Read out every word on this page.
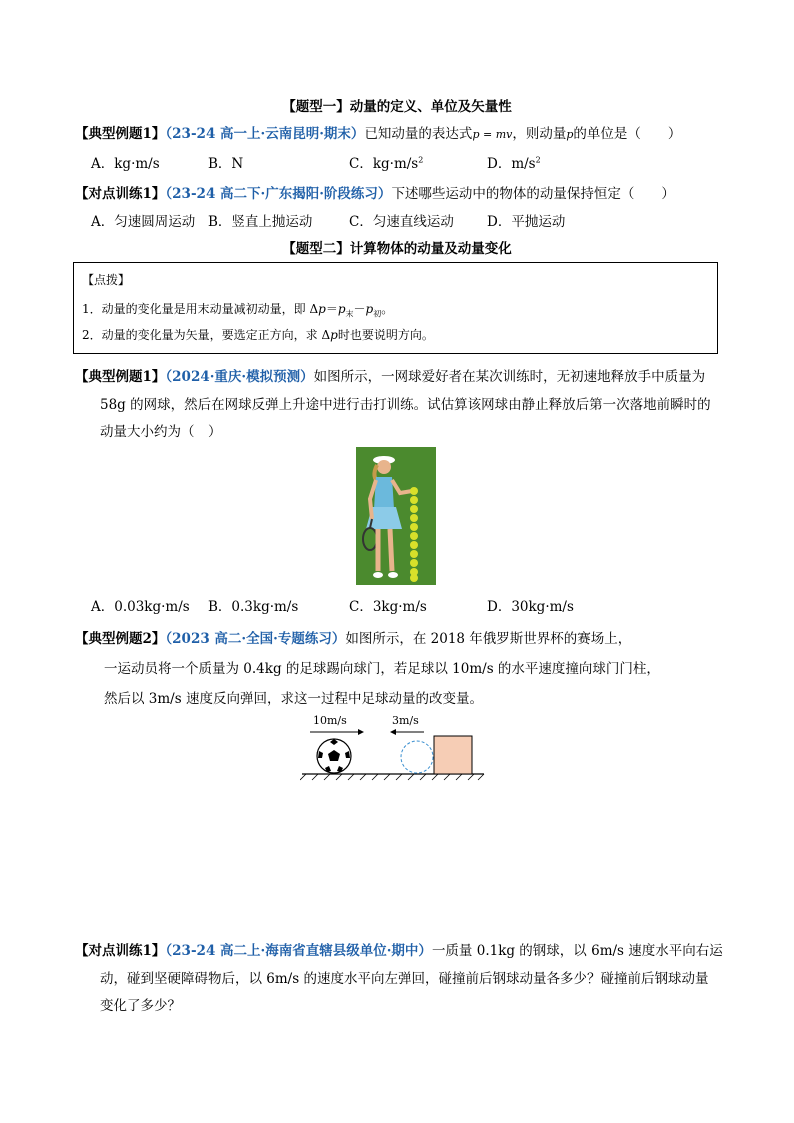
【题型一】动量的定义、单位及矢量性
【典型例题1】（23-24 高一上·云南昆明·期末）已知动量的表达式p = mv，则动量p的单位是（　　）
A．kg·m/s	B．N	C．$kg\cdot m/s^2$	D．$m/s^2$
【对点训练1】（23-24 高二下·广东揭阳·阶段练习）下述哪些运动中的物体的动量保持恒定（　　）
A．匀速圆周运动 B．竖直上抛运动	C．匀速直线运动 D．平抛运动
【题型二】计算物体的动量及动量变化
【点拨】
1．动量的变化量是用末动量减初动量，即 $\Delta p=p_末-p_初$。
2．动量的变化量为矢量，要选定正方向，求 Δp时也要说明方向。
【典型例题1】（2024·重庆·模拟预测）如图所示，一网球爱好者在某次训练时，无初速地释放手中质量为
58g 的网球，然后在网球反弹上升途中进行击打训练。试估算该网球由静止释放后第一次落地前瞬时的
动量大小约为（　）
A．0.03kg·m/s B．0.3kg·m/s	C．3kg·m/s	D．30kg·m/s
【典型例题2】（2023 高二·全国·专题练习）如图所示，在 2018 年俄罗斯世界杯的赛场上，
一运动员将一个质量为 0.4kg 的足球踢向球门，若足球以 10m/s 的水平速度撞向球门门柱，
然后以 3m/s 速度反向弹回，求这一过程中足球动量的改变量。
10m/s	3m/s
【对点训练1】（23-24 高二上·海南省直辖县级单位·期中）一质量 0.1kg 的钢球，以 6m/s 速度水平向右运
动，碰到坚硬障碍物后，以 6m/s 的速度水平向左弹回，碰撞前后钢球动量各多少？碰撞前后钢球动量
变化了多少？
